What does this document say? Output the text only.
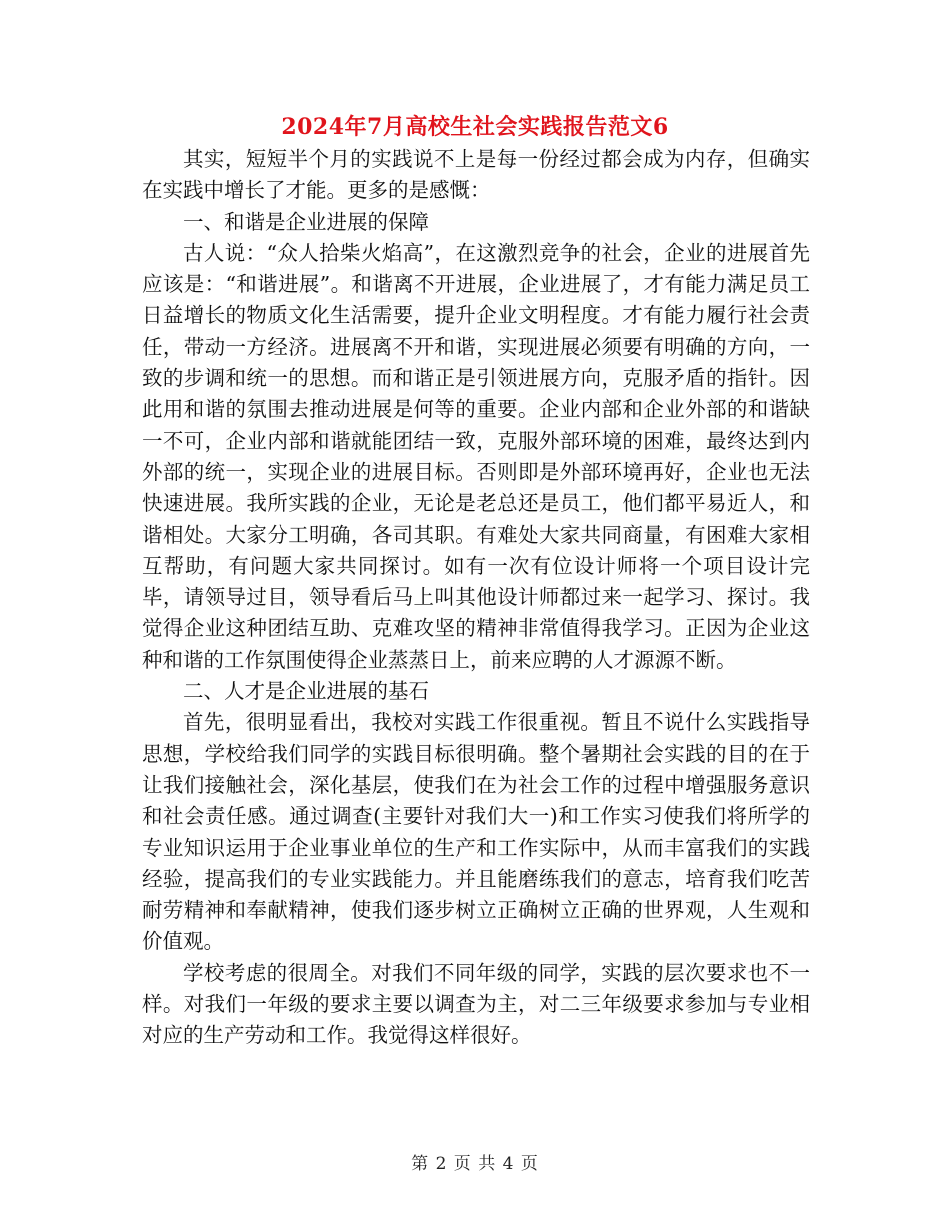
2024年7月高校生社会实践报告范文6

其实，短短半个月的实践说不上是每一份经过都会成为内存，但确实在实践中增长了才能。更多的是感慨：

一、和谐是企业进展的保障

古人说：“众人拾柴火焰高”，在这激烈竞争的社会，企业的进展首先应该是：“和谐进展”。和谐离不开进展，企业进展了，才有能力满足员工日益增长的物质文化生活需要，提升企业文明程度。才有能力履行社会责任，带动一方经济。进展离不开和谐，实现进展必须要有明确的方向，一致的步调和统一的思想。而和谐正是引领进展方向，克服矛盾的指针。因此用和谐的氛围去推动进展是何等的重要。企业内部和企业外部的和谐缺一不可，企业内部和谐就能团结一致，克服外部环境的困难，最终达到内外部的统一，实现企业的进展目标。否则即是外部环境再好，企业也无法快速进展。我所实践的企业，无论是老总还是员工，他们都平易近人，和谐相处。大家分工明确，各司其职。有难处大家共同商量，有困难大家相互帮助，有问题大家共同探讨。如有一次有位设计师将一个项目设计完毕，请领导过目，领导看后马上叫其他设计师都过来一起学习、探讨。我觉得企业这种团结互助、克难攻坚的精神非常值得我学习。正因为企业这种和谐的工作氛围使得企业蒸蒸日上，前来应聘的人才源源不断。

二、人才是企业进展的基石

首先，很明显看出，我校对实践工作很重视。暂且不说什么实践指导思想，学校给我们同学的实践目标很明确。整个暑期社会实践的目的在于让我们接触社会，深化基层，使我们在为社会工作的过程中增强服务意识和社会责任感。通过调查(主要针对我们大一)和工作实习使我们将所学的专业知识运用于企业事业单位的生产和工作实际中，从而丰富我们的实践经验，提高我们的专业实践能力。并且能磨练我们的意志，培育我们吃苦耐劳精神和奉献精神，使我们逐步树立正确树立正确的世界观，人生观和价值观。

学校考虑的很周全。对我们不同年级的同学，实践的层次要求也不一样。对我们一年级的要求主要以调查为主，对二三年级要求参加与专业相对应的生产劳动和工作。我觉得这样很好。

第 2 页 共 4 页
